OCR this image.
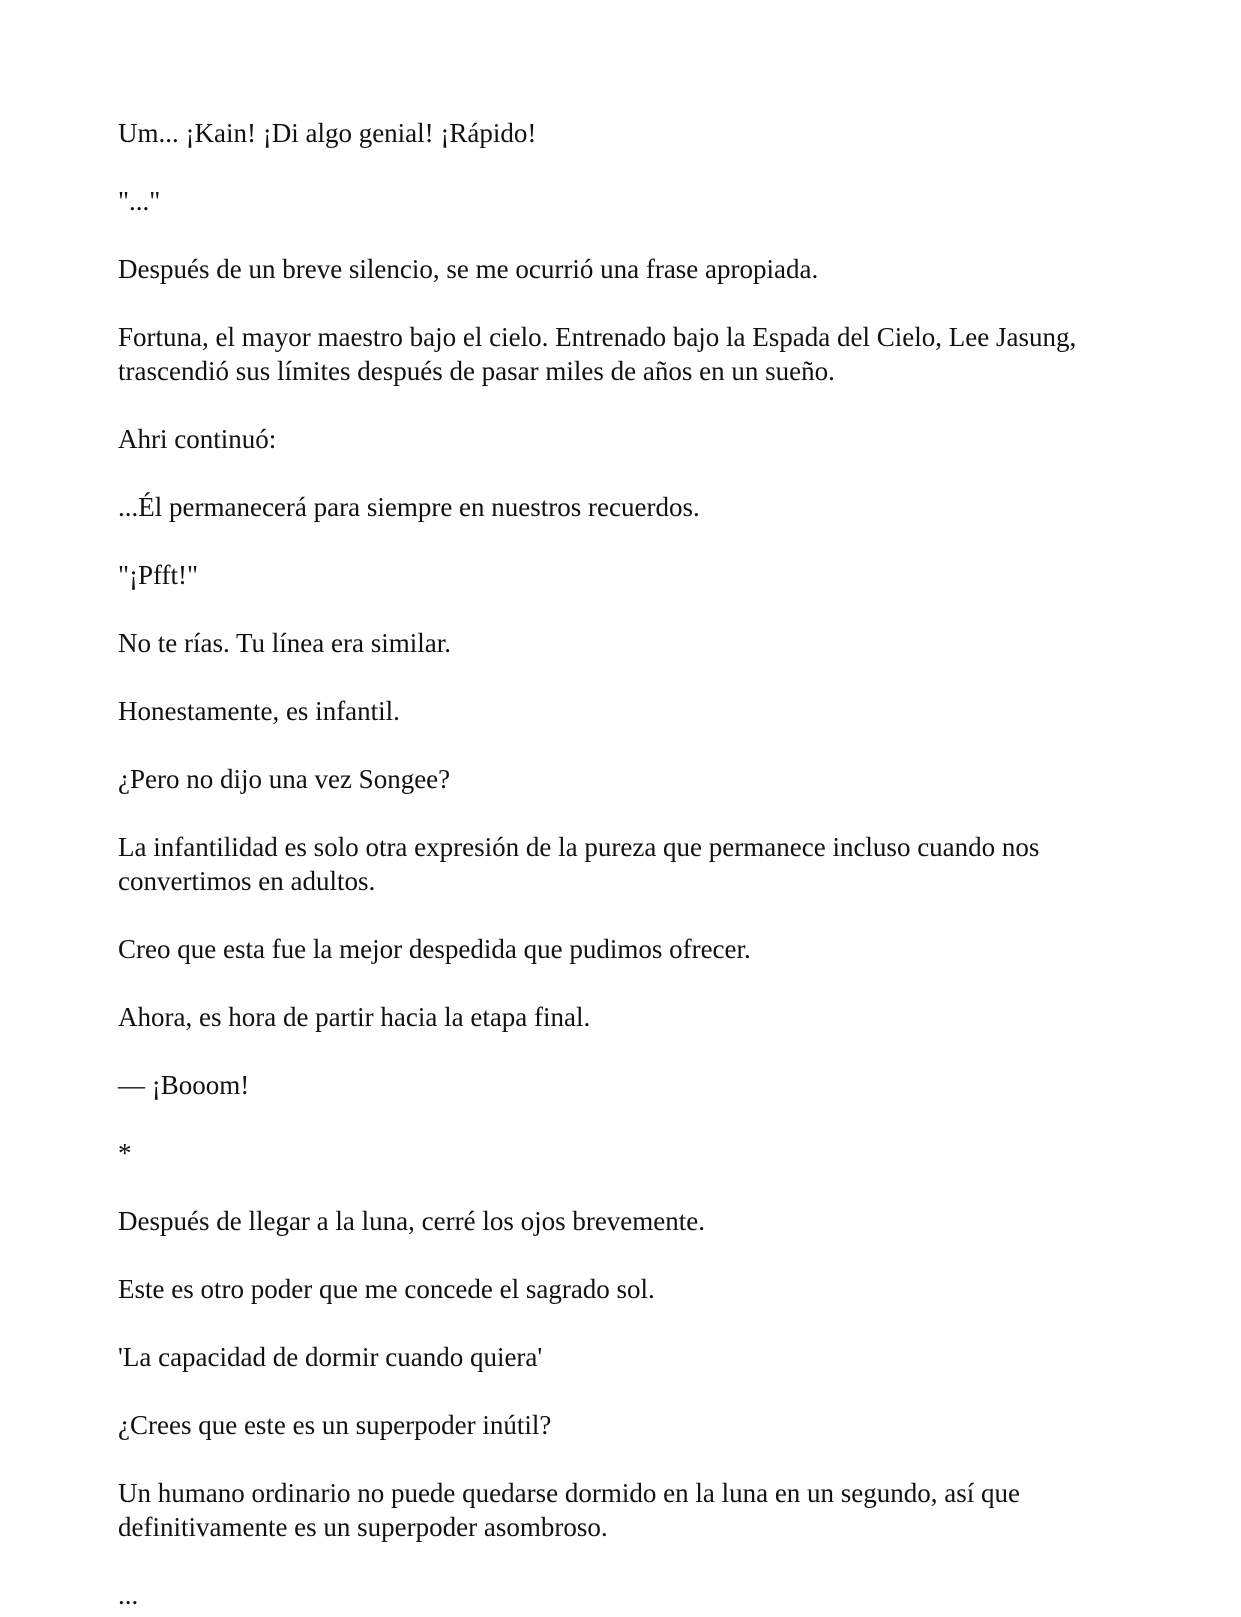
Um... ¡Kain! ¡Di algo genial! ¡Rápido!

"..."

Después de un breve silencio, se me ocurrió una frase apropiada.

Fortuna, el mayor maestro bajo el cielo. Entrenado bajo la Espada del Cielo, Lee Jasung, trascendió sus límites después de pasar miles de años en un sueño.

Ahri continuó:

...Él permanecerá para siempre en nuestros recuerdos.

"¡Pfft!"

No te rías. Tu línea era similar.

Honestamente, es infantil.

¿Pero no dijo una vez Songee?

La infantilidad es solo otra expresión de la pureza que permanece incluso cuando nos convertimos en adultos.

Creo que esta fue la mejor despedida que pudimos ofrecer.

Ahora, es hora de partir hacia la etapa final.

— ¡Booom!

*

Después de llegar a la luna, cerré los ojos brevemente.

Este es otro poder que me concede el sagrado sol.

'La capacidad de dormir cuando quiera'

¿Crees que este es un superpoder inútil?

Un humano ordinario no puede quedarse dormido en la luna en un segundo, así que definitivamente es un superpoder asombroso.

...
